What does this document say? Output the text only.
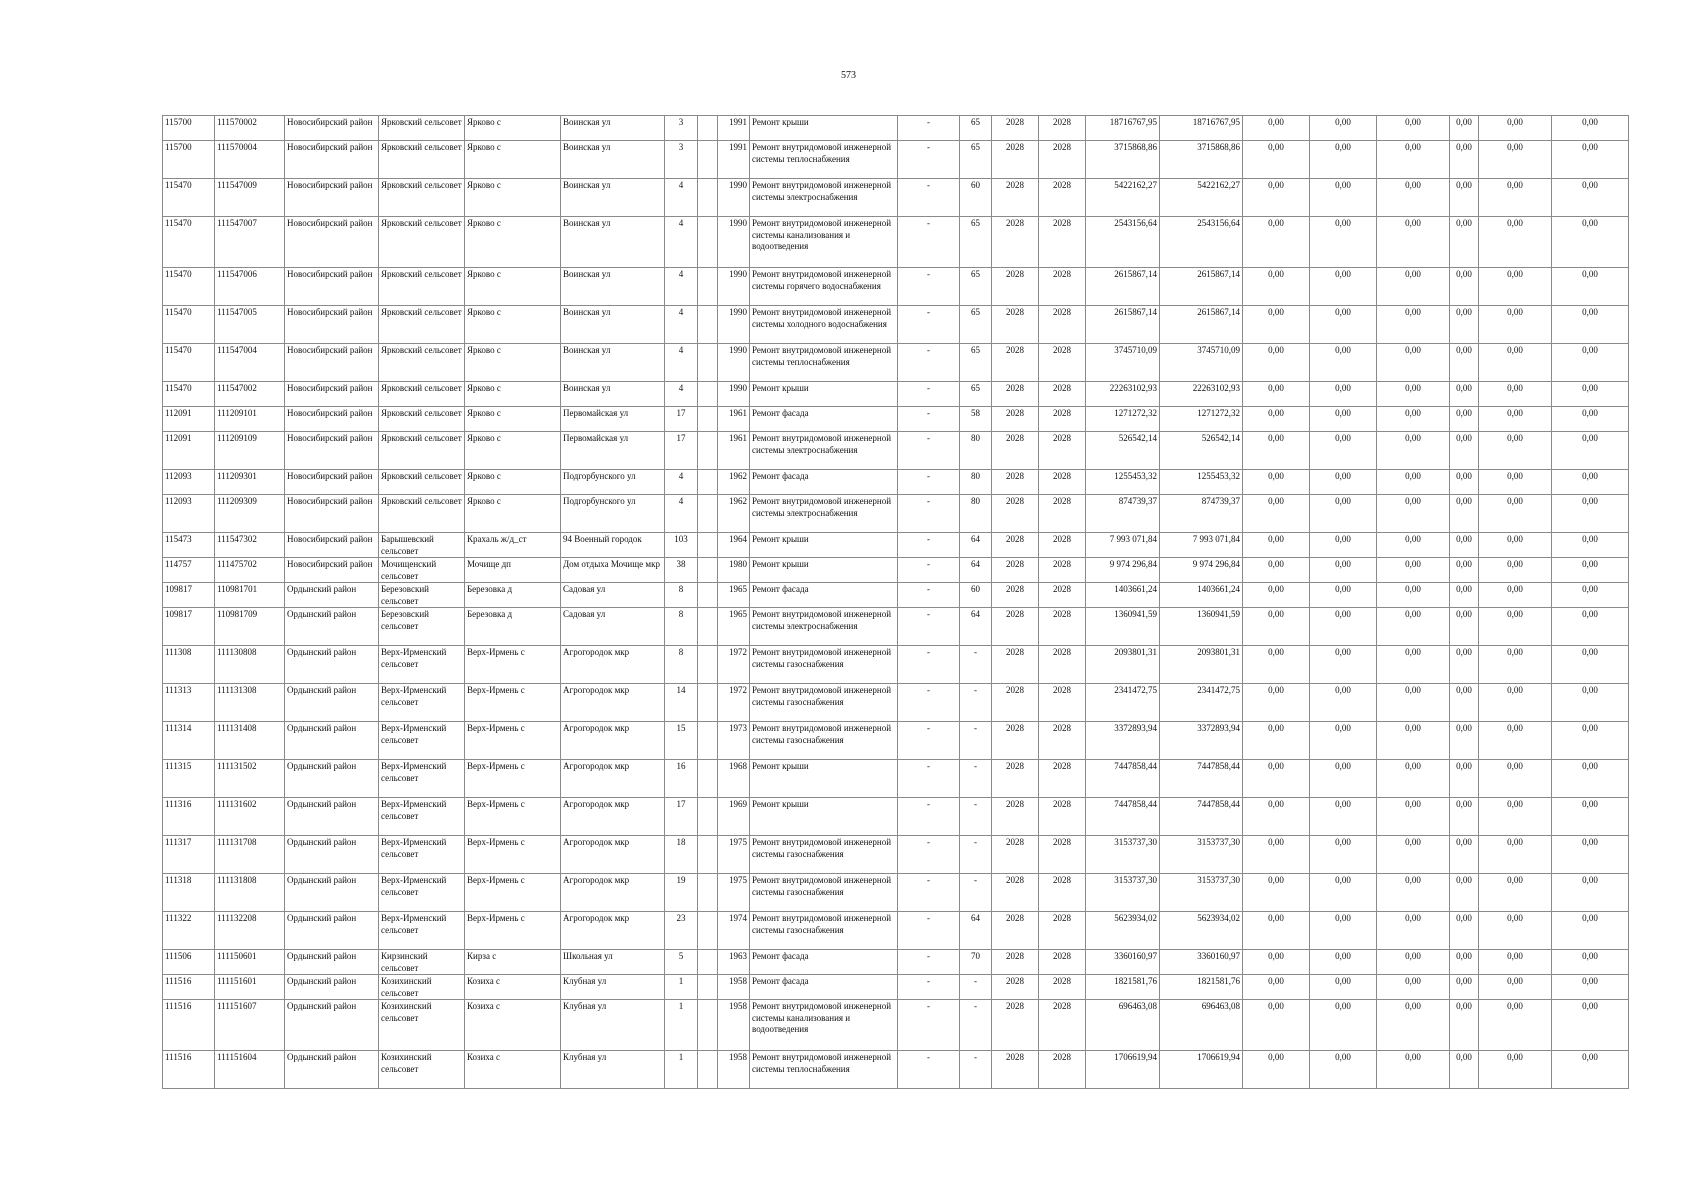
573
115700	111570002	Новосибирский район	Ярковский сельсовет	Ярково с	Воинская ул	3		1991	Ремонт крыши	-	65	2028	2028	18716767,95	18716767,95	0,00	0,00	0,00	0,00	0,00	0,00
115700	111570004	Новосибирский район	Ярковский сельсовет	Ярково с	Воинская ул	3		1991	Ремонт внутридомовой инженерной системы теплоснабжения	-	65	2028	2028	3715868,86	3715868,86	0,00	0,00	0,00	0,00	0,00	0,00
115470	111547009	Новосибирский район	Ярковский сельсовет	Ярково с	Воинская ул	4		1990	Ремонт внутридомовой инженерной системы электроснабжения	-	60	2028	2028	5422162,27	5422162,27	0,00	0,00	0,00	0,00	0,00	0,00
115470	111547007	Новосибирский район	Ярковский сельсовет	Ярково с	Воинская ул	4		1990	Ремонт внутридомовой инженерной системы канализования и водоотведения	-	65	2028	2028	2543156,64	2543156,64	0,00	0,00	0,00	0,00	0,00	0,00
115470	111547006	Новосибирский район	Ярковский сельсовет	Ярково с	Воинская ул	4		1990	Ремонт внутридомовой инженерной системы горячего водоснабжения	-	65	2028	2028	2615867,14	2615867,14	0,00	0,00	0,00	0,00	0,00	0,00
115470	111547005	Новосибирский район	Ярковский сельсовет	Ярково с	Воинская ул	4		1990	Ремонт внутридомовой инженерной системы холодного водоснабжения	-	65	2028	2028	2615867,14	2615867,14	0,00	0,00	0,00	0,00	0,00	0,00
115470	111547004	Новосибирский район	Ярковский сельсовет	Ярково с	Воинская ул	4		1990	Ремонт внутридомовой инженерной системы теплоснабжения	-	65	2028	2028	3745710,09	3745710,09	0,00	0,00	0,00	0,00	0,00	0,00
115470	111547002	Новосибирский район	Ярковский сельсовет	Ярково с	Воинская ул	4		1990	Ремонт крыши	-	65	2028	2028	22263102,93	22263102,93	0,00	0,00	0,00	0,00	0,00	0,00
112091	111209101	Новосибирский район	Ярковский сельсовет	Ярково с	Первомайская ул	17		1961	Ремонт фасада	-	58	2028	2028	1271272,32	1271272,32	0,00	0,00	0,00	0,00	0,00	0,00
112091	111209109	Новосибирский район	Ярковский сельсовет	Ярково с	Первомайская ул	17		1961	Ремонт внутридомовой инженерной системы электроснабжения	-	80	2028	2028	526542,14	526542,14	0,00	0,00	0,00	0,00	0,00	0,00
112093	111209301	Новосибирский район	Ярковский сельсовет	Ярково с	Подгорбунского ул	4		1962	Ремонт фасада	-	80	2028	2028	1255453,32	1255453,32	0,00	0,00	0,00	0,00	0,00	0,00
112093	111209309	Новосибирский район	Ярковский сельсовет	Ярково с	Подгорбунского ул	4		1962	Ремонт внутридомовой инженерной системы электроснабжения	-	80	2028	2028	874739,37	874739,37	0,00	0,00	0,00	0,00	0,00	0,00
115473	111547302	Новосибирский район	Барышевский сельсовет	Крахаль ж/д_ст	94 Военный городок	103		1964	Ремонт крыши	-	64	2028	2028	7 993 071,84	7 993 071,84	0,00	0,00	0,00	0,00	0,00	0,00
114757	111475702	Новосибирский район	Мочищенский сельсовет	Мочище дп	Дом отдыха Мочище мкр	38		1980	Ремонт крыши	-	64	2028	2028	9 974 296,84	9 974 296,84	0,00	0,00	0,00	0,00	0,00	0,00
109817	110981701	Ордынский район	Березовский сельсовет	Березовка д	Садовая ул	8		1965	Ремонт фасада	-	60	2028	2028	1403661,24	1403661,24	0,00	0,00	0,00	0,00	0,00	0,00
109817	110981709	Ордынский район	Березовский сельсовет	Березовка д	Садовая ул	8		1965	Ремонт внутридомовой инженерной системы электроснабжения	-	64	2028	2028	1360941,59	1360941,59	0,00	0,00	0,00	0,00	0,00	0,00
111308	111130808	Ордынский район	Верх-Ирменский сельсовет	Верх-Ирмень с	Агрогородок мкр	8		1972	Ремонт внутридомовой инженерной системы газоснабжения	-	-	2028	2028	2093801,31	2093801,31	0,00	0,00	0,00	0,00	0,00	0,00
111313	111131308	Ордынский район	Верх-Ирменский сельсовет	Верх-Ирмень с	Агрогородок мкр	14		1972	Ремонт внутридомовой инженерной системы газоснабжения	-	-	2028	2028	2341472,75	2341472,75	0,00	0,00	0,00	0,00	0,00	0,00
111314	111131408	Ордынский район	Верх-Ирменский сельсовет	Верх-Ирмень с	Агрогородок мкр	15		1973	Ремонт внутридомовой инженерной системы газоснабжения	-	-	2028	2028	3372893,94	3372893,94	0,00	0,00	0,00	0,00	0,00	0,00
111315	111131502	Ордынский район	Верх-Ирменский сельсовет	Верх-Ирмень с	Агрогородок мкр	16		1968	Ремонт крыши	-	-	2028	2028	7447858,44	7447858,44	0,00	0,00	0,00	0,00	0,00	0,00
111316	111131602	Ордынский район	Верх-Ирменский сельсовет	Верх-Ирмень с	Агрогородок мкр	17		1969	Ремонт крыши	-	-	2028	2028	7447858,44	7447858,44	0,00	0,00	0,00	0,00	0,00	0,00
111317	111131708	Ордынский район	Верх-Ирменский сельсовет	Верх-Ирмень с	Агрогородок мкр	18		1975	Ремонт внутридомовой инженерной системы газоснабжения	-	-	2028	2028	3153737,30	3153737,30	0,00	0,00	0,00	0,00	0,00	0,00
111318	111131808	Ордынский район	Верх-Ирменский сельсовет	Верх-Ирмень с	Агрогородок мкр	19		1975	Ремонт внутридомовой инженерной системы газоснабжения	-	-	2028	2028	3153737,30	3153737,30	0,00	0,00	0,00	0,00	0,00	0,00
111322	111132208	Ордынский район	Верх-Ирменский сельсовет	Верх-Ирмень с	Агрогородок мкр	23		1974	Ремонт внутридомовой инженерной системы газоснабжения	-	64	2028	2028	5623934,02	5623934,02	0,00	0,00	0,00	0,00	0,00	0,00
111506	111150601	Ордынский район	Кирзинский сельсовет	Кирза с	Школьная ул	5		1963	Ремонт фасада	-	70	2028	2028	3360160,97	3360160,97	0,00	0,00	0,00	0,00	0,00	0,00
111516	111151601	Ордынский район	Козихинский сельсовет	Козиха с	Клубная ул	1		1958	Ремонт фасада	-	-	2028	2028	1821581,76	1821581,76	0,00	0,00	0,00	0,00	0,00	0,00
111516	111151607	Ордынский район	Козихинский сельсовет	Козиха с	Клубная ул	1		1958	Ремонт внутридомовой инженерной системы канализования и водоотведения	-	-	2028	2028	696463,08	696463,08	0,00	0,00	0,00	0,00	0,00	0,00
111516	111151604	Ордынский район	Козихинский сельсовет	Козиха с	Клубная ул	1		1958	Ремонт внутридомовой инженерной системы теплоснабжения	-	-	2028	2028	1706619,94	1706619,94	0,00	0,00	0,00	0,00	0,00	0,00
